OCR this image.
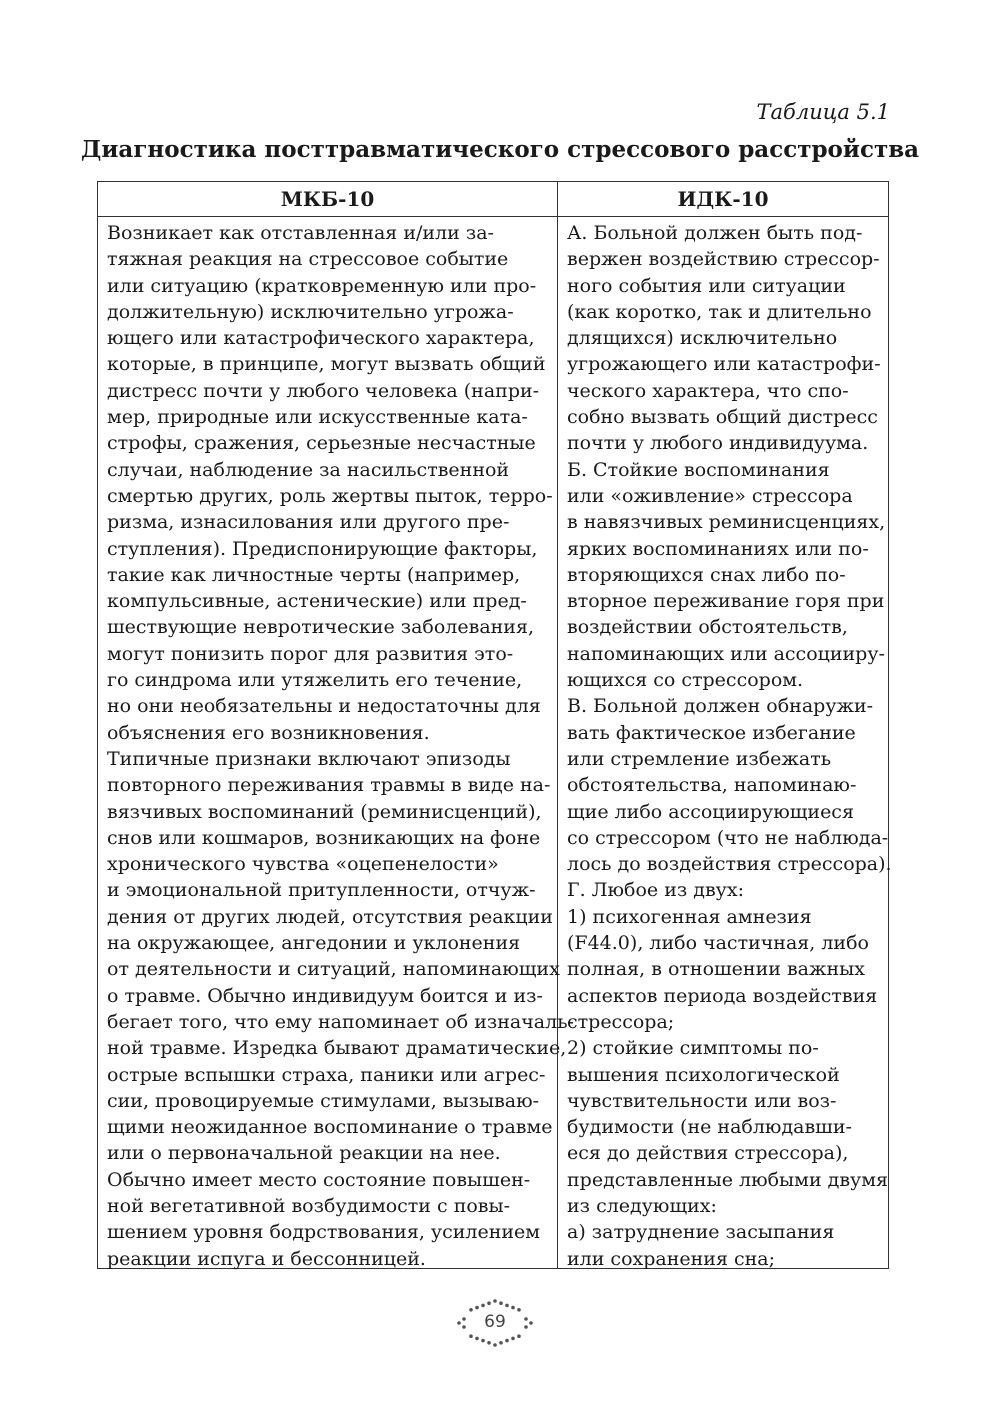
Таблица 5.1
Диагностика посттравматического стрессового расстройства
МКБ-10	ИДК-10
Возникает как отставленная и/или за-
тяжная реакция на стрессовое событие
или ситуацию (кратковременную или про-
должительную) исключительно угрожа-
ющего или катастрофического характера,
которые, в принципе, могут вызвать общий
дистресс почти у любого человека (напри-
мер, природные или искусственные ката-
строфы, сражения, серьезные несчастные
случаи, наблюдение за насильственной
смертью других, роль жертвы пыток, терро-
ризма, изнасилования или другого пре-
ступления). Предиспонирующие факторы,
такие как личностные черты (например,
компульсивные, астенические) или пред-
шествующие невротические заболевания,
могут понизить порог для развития это-
го синдрома или утяжелить его течение,
но они необязательны и недостаточны для
объяснения его возникновения.
Типичные признаки включают эпизоды
повторного переживания травмы в виде на-
вязчивых воспоминаний (реминисценций),
снов или кошмаров, возникающих на фоне
хронического чувства «оцепенелости»
и эмоциональной притупленности, отчуж-
дения от других людей, отсутствия реакции
на окружающее, ангедонии и уклонения
от деятельности и ситуаций, напоминающих
о травме. Обычно индивидуум боится и из-
бегает того, что ему напоминает об изначаль-
ной травме. Изредка бывают драматические,
острые вспышки страха, паники или агрес-
сии, провоцируемые стимулами, вызываю-
щими неожиданное воспоминание о травме
или о первоначальной реакции на нее.
Обычно имеет место состояние повышен-
ной вегетативной возбудимости с повы-
шением уровня бодрствования, усилением
реакции испуга и бессонницей.
А. Больной должен быть под-
вержен воздействию стрессор-
ного события или ситуации
(как коротко, так и длительно
длящихся) исключительно
угрожающего или катастрофи-
ческого характера, что спо-
собно вызвать общий дистресс
почти у любого индивидуума.
Б. Стойкие воспоминания
или «оживление» стрессора
в навязчивых реминисценциях,
ярких воспоминаниях или по-
вторяющихся снах либо по-
вторное переживание горя при
воздействии обстоятельств,
напоминающих или ассоцииру-
ющихся со стрессором.
В. Больной должен обнаружи-
вать фактическое избегание
или стремление избежать
обстоятельства, напоминаю-
щие либо ассоциирующиеся
со стрессором (что не наблюда-
лось до воздействия стрессора).
Г. Любое из двух:
1) психогенная амнезия
(F44.0), либо частичная, либо
полная, в отношении важных
аспектов периода воздействия
стрессора;
2) стойкие симптомы по-
вышения психологической
чувствительности или воз-
будимости (не наблюдавши-
еся до действия стрессора),
представленные любыми двумя
из следующих:
а) затруднение засыпания
или сохранения сна;
69
